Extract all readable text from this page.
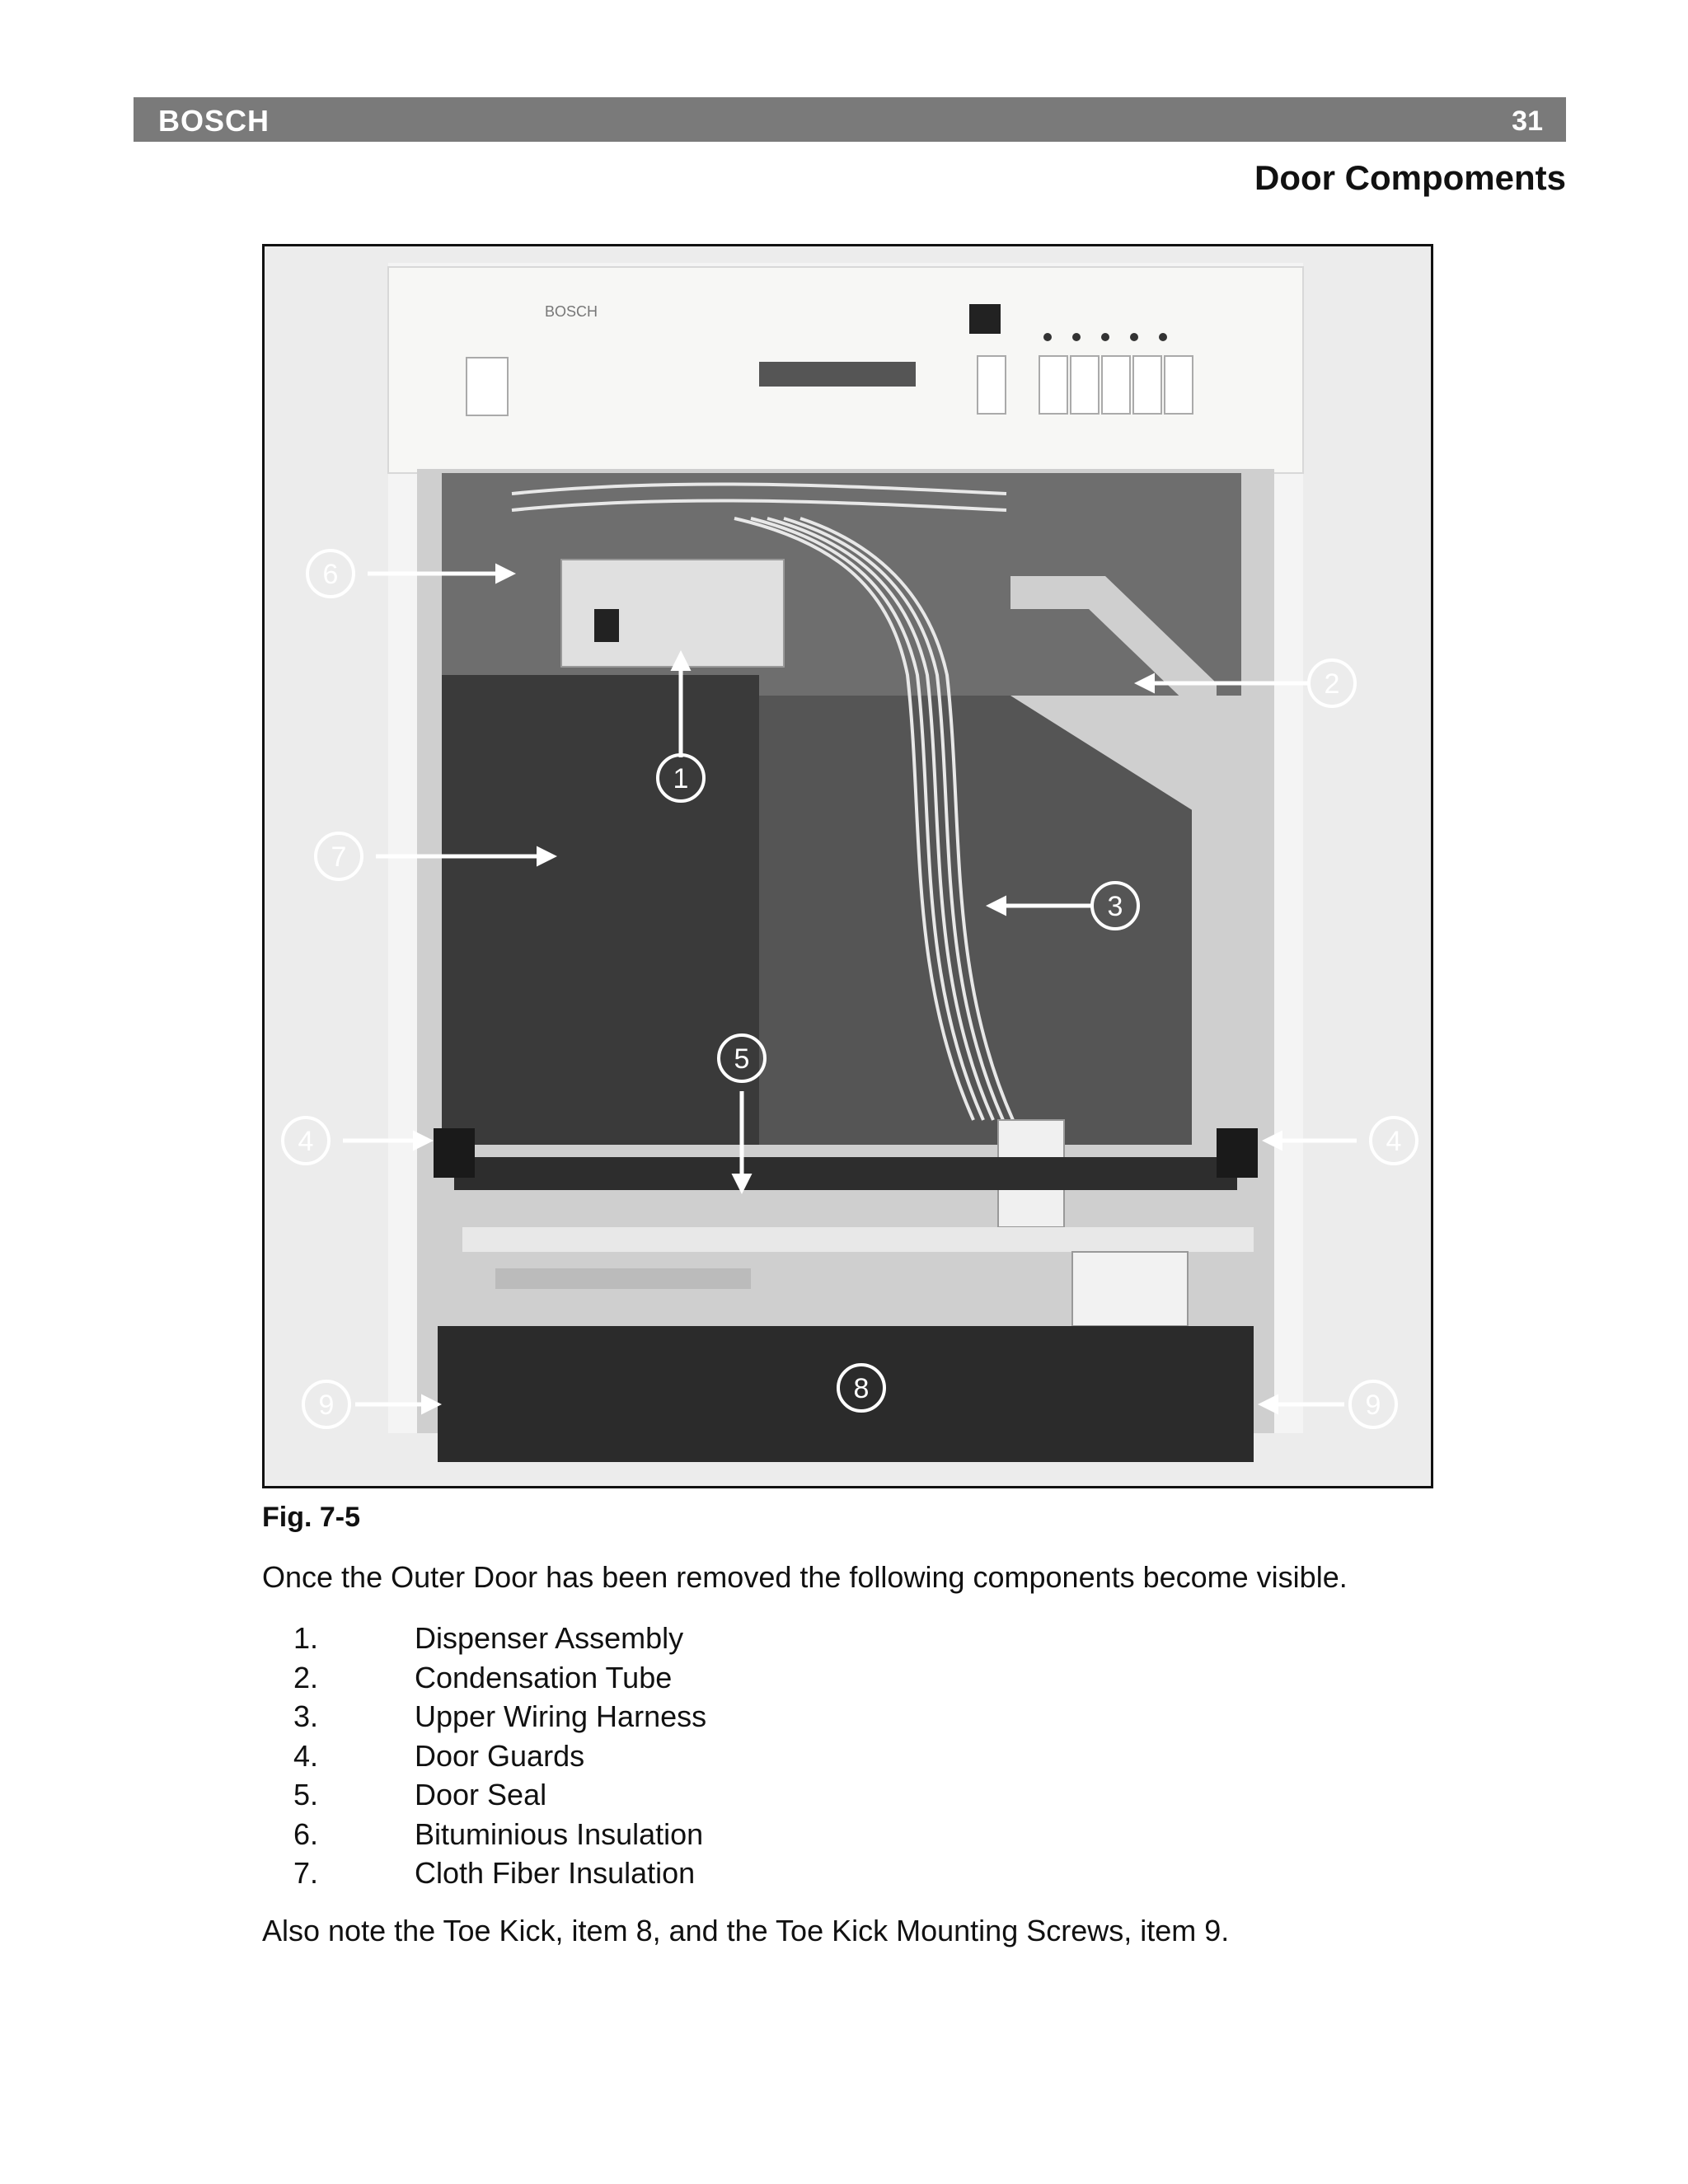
BOSCH	31
Door Compoments
BOSCH
6
1
2
7
3
5
4	4
8
9	9
Fig. 7-5
Once the Outer Door has been removed the following components become visible.
1.	Dispenser Assembly
2.	Condensation Tube
3.	Upper Wiring Harness
4.	Door Guards
5.	Door Seal
6.	Bituminious Insulation
7.	Cloth Fiber Insulation
Also note the Toe Kick, item 8, and the Toe Kick Mounting Screws, item 9.
